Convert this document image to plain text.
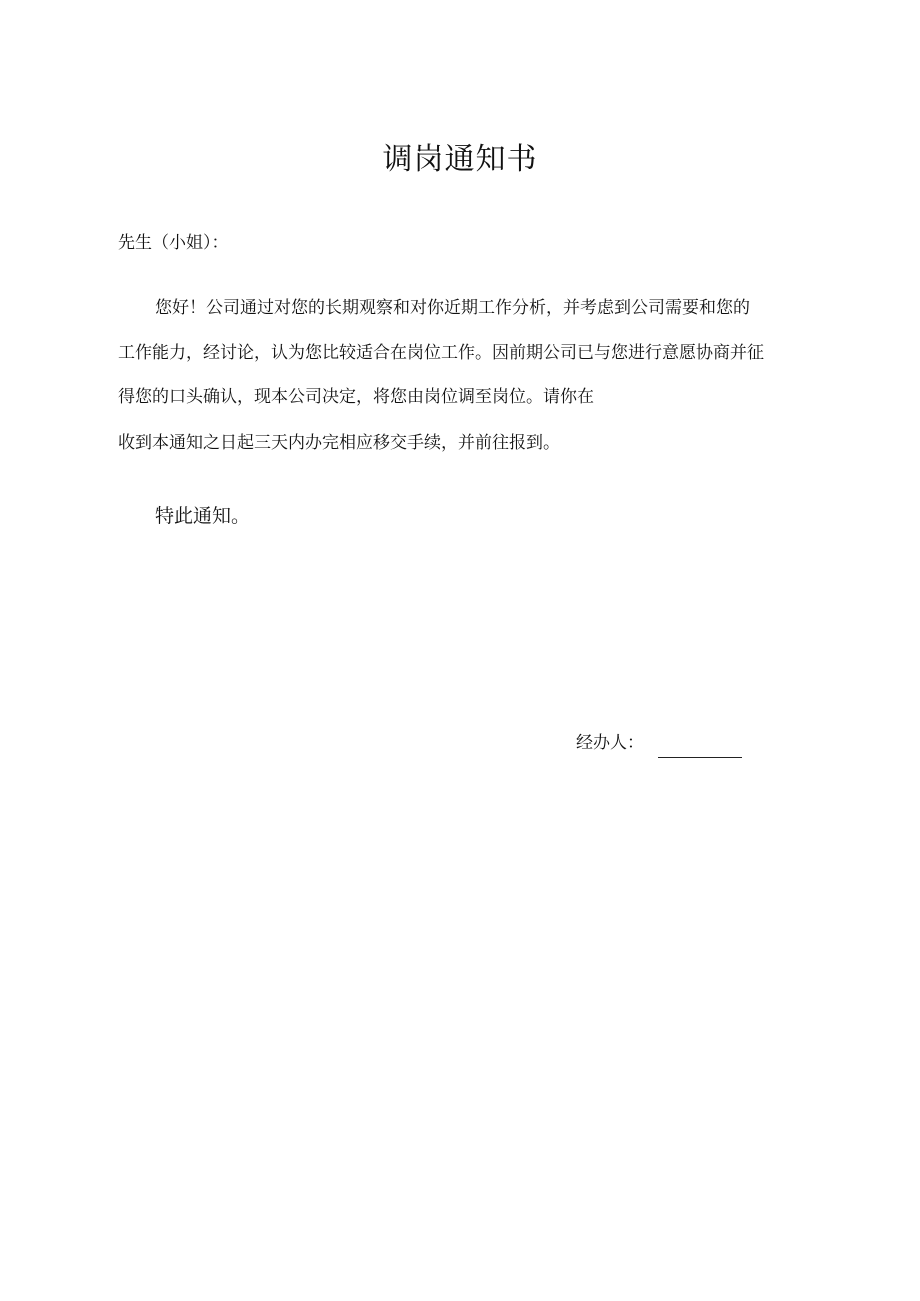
调岗通知书

先生（小姐）：

您好！公司通过对您的长期观察和对你近期工作分析，并考虑到公司需要和您的

工作能力，经讨论，认为您比较适合在岗位工作。因前期公司已与您进行意愿协商并征

得您的口头确认，现本公司决定，将您由岗位调至岗位。请你在

收到本通知之日起三天内办完相应移交手续，并前往报到。

特此通知。

经办人：
